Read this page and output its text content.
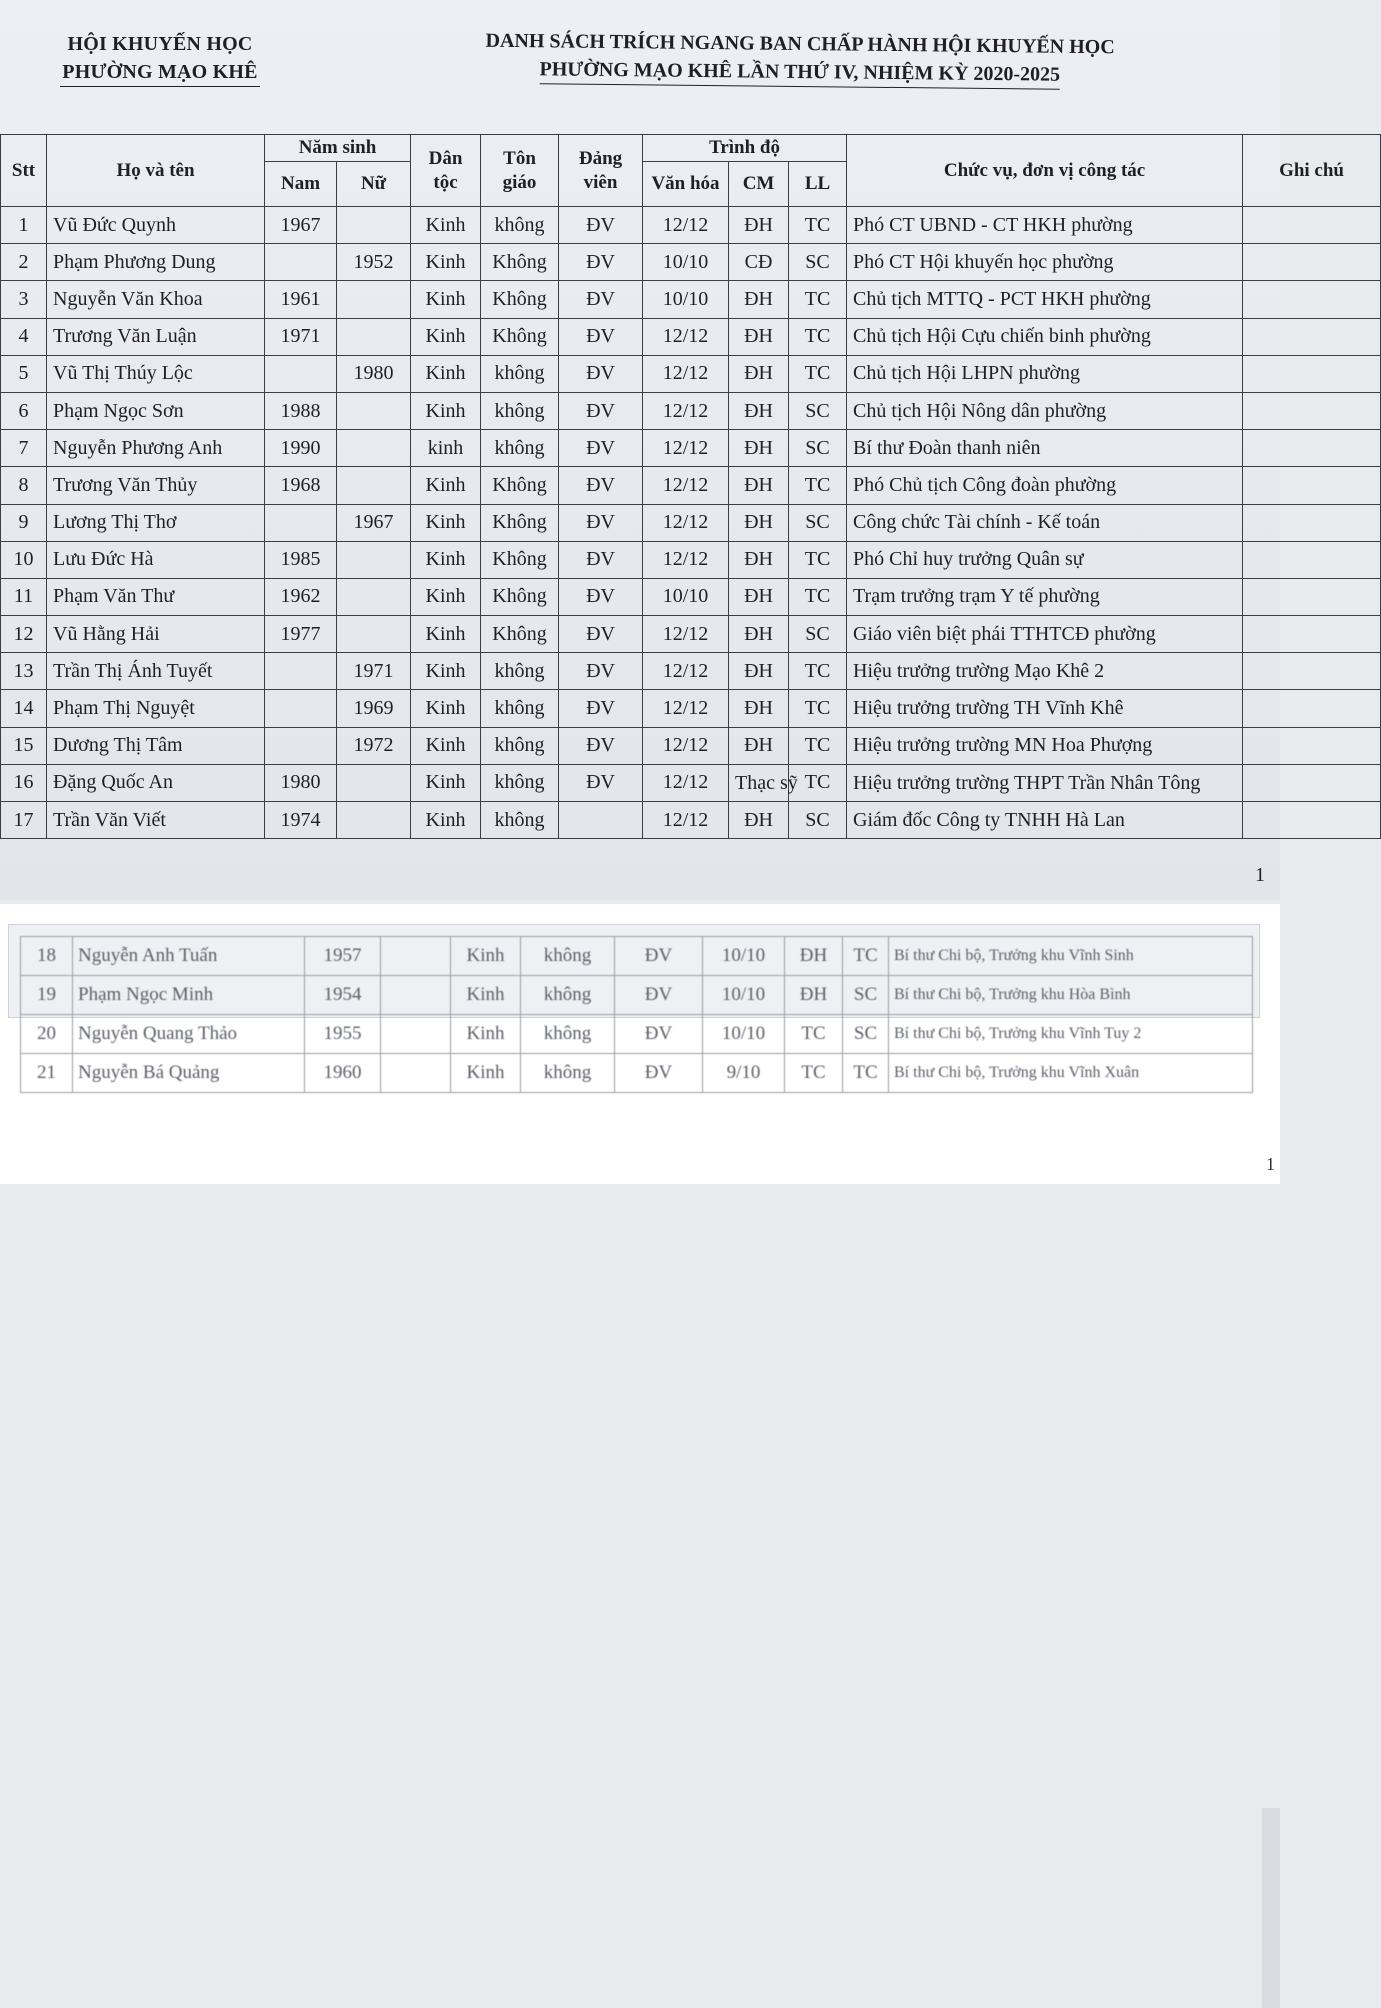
HỘI KHUYẾN HỌC
PHƯỜNG MẠO KHÊ
DANH SÁCH TRÍCH NGANG BAN CHẤP HÀNH HỘI KHUYẾN HỌC
PHƯỜNG MẠO KHÊ LẦN THỨ IV, NHIỆM KỲ 2020-2025
Stt	Họ và tên	Năm sinh		Dân tộc	Tôn giáo	Đảng viên	Trình độ			Chức vụ, đơn vị công tác	Ghi chú
		Nam	Nữ				Văn hóa	CM	LL		
1	Vũ Đức Quynh	1967		Kinh	không	ĐV	12/12	ĐH	TC	Phó CT UBND - CT HKH phường	
2	Phạm Phương Dung		1952	Kinh	Không	ĐV	10/10	CĐ	SC	Phó CT Hội khuyến học phường	
3	Nguyễn Văn Khoa	1961		Kinh	Không	ĐV	10/10	ĐH	TC	Chủ tịch MTTQ - PCT HKH phường	
4	Trương Văn Luận	1971		Kinh	Không	ĐV	12/12	ĐH	TC	Chủ tịch Hội Cựu chiến binh phường	
5	Vũ Thị Thúy Lộc		1980	Kinh	không	ĐV	12/12	ĐH	TC	Chủ tịch Hội LHPN phường	
6	Phạm Ngọc Sơn	1988		Kinh	không	ĐV	12/12	ĐH	SC	Chủ tịch Hội Nông dân phường	
7	Nguyễn Phương Anh	1990		kinh	không	ĐV	12/12	ĐH	SC	Bí thư Đoàn thanh niên	
8	Trương Văn Thủy	1968		Kinh	Không	ĐV	12/12	ĐH	TC	Phó Chủ tịch Công đoàn phường	
9	Lương Thị Thơ		1967	Kinh	Không	ĐV	12/12	ĐH	SC	Công chức Tài chính - Kế toán	
10	Lưu Đức Hà	1985		Kinh	Không	ĐV	12/12	ĐH	TC	Phó Chỉ huy trưởng Quân sự	
11	Phạm Văn Thư	1962		Kinh	Không	ĐV	10/10	ĐH	TC	Trạm trưởng trạm Y tế phường	
12	Vũ Hằng Hải	1977		Kinh	Không	ĐV	12/12	ĐH	SC	Giáo viên biệt phái TTHTCĐ phường	
13	Trần Thị Ánh Tuyết		1971	Kinh	không	ĐV	12/12	ĐH	TC	Hiệu trưởng trường Mạo Khê 2	
14	Phạm Thị Nguyệt		1969	Kinh	không	ĐV	12/12	ĐH	TC	Hiệu trưởng trường TH Vĩnh Khê	
15	Dương Thị Tâm		1972	Kinh	không	ĐV	12/12	ĐH	TC	Hiệu trưởng trường MN Hoa Phượng	
16	Đặng Quốc An	1980		Kinh	không	ĐV	12/12	Thạc sỹ	TC	Hiệu trưởng trường THPT Trần Nhân Tông	
17	Trần Văn Viết	1974		Kinh	không		12/12	ĐH	SC	Giám đốc Công ty TNHH Hà Lan	
1
18	Nguyễn Anh Tuấn	1957		Kinh	không	ĐV	10/10	ĐH	TC	Bí thư Chi bộ, Trưởng khu Vĩnh Sinh
19	Phạm Ngọc Minh	1954		Kinh	không	ĐV	10/10	ĐH	SC	Bí thư Chi bộ, Trưởng khu Hòa Bình
20	Nguyễn Quang Thảo	1955		Kinh	không	ĐV	10/10	TC	SC	Bí thư Chi bộ, Trưởng khu Vĩnh Tuy 2
21	Nguyễn Bá Quảng	1960		Kinh	không	ĐV	9/10	TC	TC	Bí thư Chi bộ, Trưởng khu Vĩnh Xuân
1
